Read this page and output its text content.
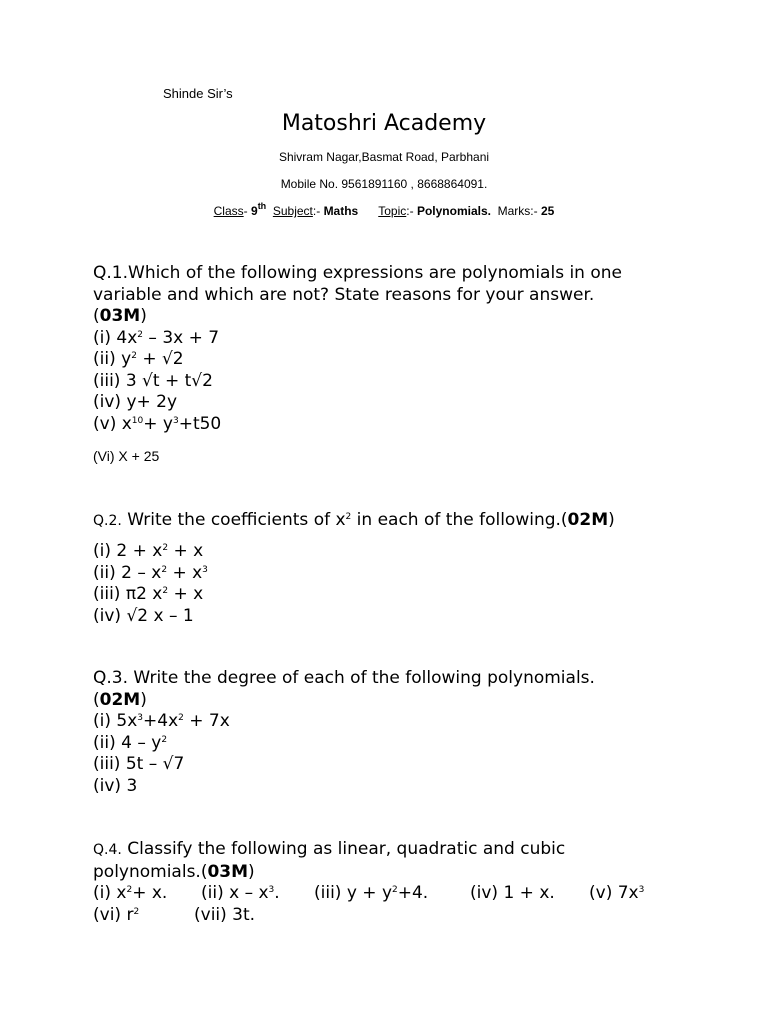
Shinde Sir’s
Matoshri Academy
Shivram Nagar,Basmat Road, Parbhani
Mobile No. 9561891160 , 8668864091.
Class- 9th Subject:- Maths Topic:- Polynomials. Marks:- 25
Q.1.Which of the following expressions are polynomials in one
variable and which are not? State reasons for your answer.
(03M)
(i) $4x^2 - 3x + 7$
(ii) $y^2 + √2$
(iii) 3 √t + t√2
(iv) y+ 2y
(v) $x^{10}+ y^3+t50$
(Vi) X + 25
Q.2. Write the coefficients of $x^2$ in each of the following.(02M)
(i) $2 + x^2 + x$
(ii) $2 - x^2 + x^3$
(iii) π2 $x^2 + x$
(iv) √2 x – 1
Q.3. Write the degree of each of the following polynomials.
(02M)
(i) $5x^3+4x^2 + 7x$
(ii) $4 - y^2$
(iii) 5t – √7
(iv) 3
Q.4. Classify the following as linear, quadratic and cubic
polynomials.(03M)
(i) $x^2+ x$. (ii) x – $x^3$. (iii) $y + y^2+4$. (iv) 1 + x. (v) $7x^3$
(vi) $r^2$	(vii) 3t.
